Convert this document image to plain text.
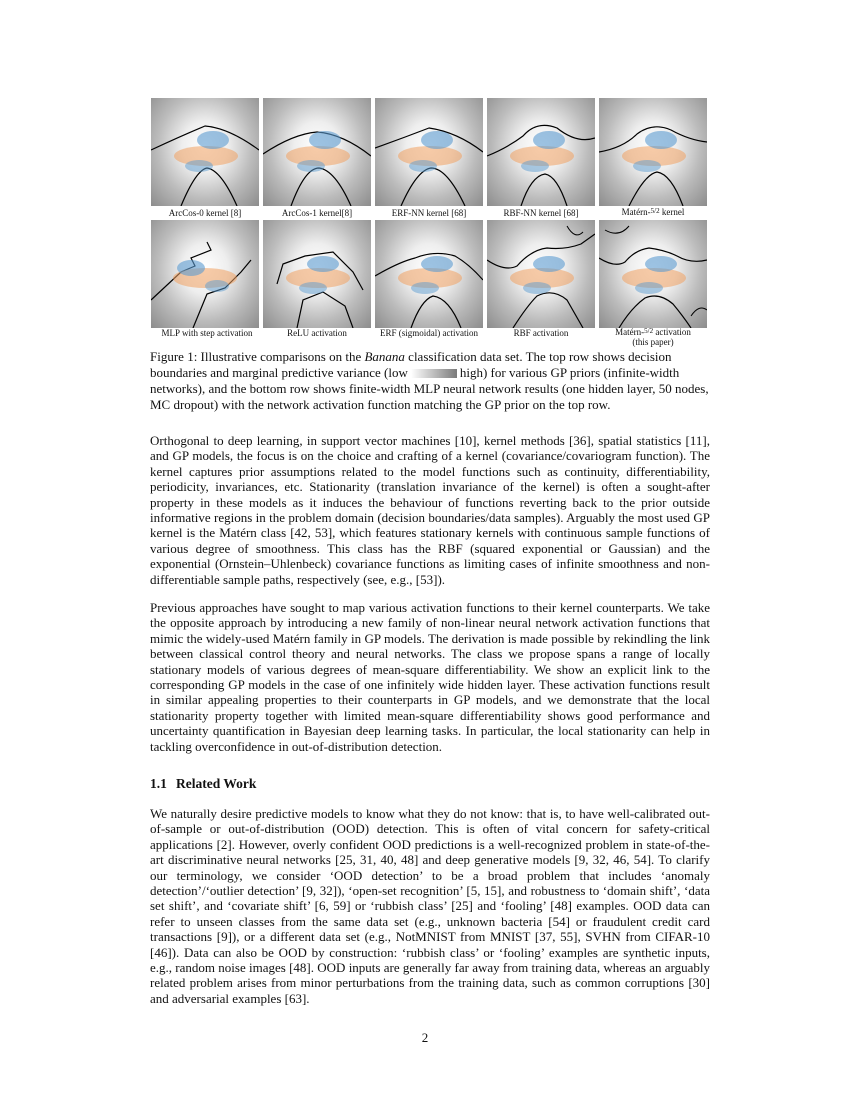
ArcCos-0 kernel [8]	ArcCos-1 kernel[8]	ERF-NN kernel [68]	RBF-NN kernel [68]	Matérn-5/2 kernel
MLP with step activation	ReLU activation	ERF (sigmoidal) activation	RBF activation	Matérn-5/2 activation
(this paper)
Figure 1: Illustrative comparisons on the Banana classification data set. The top row shows decision boundaries and marginal predictive variance (low	high) for various GP priors (infinite-width networks), and the bottom row shows finite-width MLP neural network results (one hidden layer, 50 nodes, MC dropout) with the network activation function matching the GP prior on the top row.
Orthogonal to deep learning, in support vector machines [10], kernel methods [36], spatial statistics [11], and GP models, the focus is on the choice and crafting of a kernel (covariance/covariogram function). The kernel captures prior assumptions related to the model functions such as continuity, differentiability, periodicity, invariances, etc. Stationarity (translation invariance of the kernel) is often a sought-after property in these models as it induces the behaviour of functions reverting back to the prior outside informative regions in the problem domain (decision boundaries/data samples). Arguably the most used GP kernel is the Matérn class [42, 53], which features stationary kernels with continuous sample functions of various degree of smoothness. This class has the RBF (squared exponential or Gaussian) and the exponential (Ornstein–Uhlenbeck) covariance functions as limiting cases of infinite smoothness and non-differentiable sample paths, respectively (see, e.g., [53]).
Previous approaches have sought to map various activation functions to their kernel counterparts. We take the opposite approach by introducing a new family of non-linear neural network activation functions that mimic the widely-used Matérn family in GP models. The derivation is made possible by rekindling the link between classical control theory and neural networks. The class we propose spans a range of locally stationary models of various degrees of mean-square differentiability. We show an explicit link to the corresponding GP models in the case of one infinitely wide hidden layer. These activation functions result in similar appealing properties to their counterparts in GP models, and we demonstrate that the local stationarity property together with limited mean-square differentiability shows good performance and uncertainty quantification in Bayesian deep learning tasks. In particular, the local stationarity can help in tackling overconfidence in out-of-distribution detection.
1.1 Related Work
We naturally desire predictive models to know what they do not know: that is, to have well-calibrated out-of-sample or out-of-distribution (OOD) detection. This is often of vital concern for safety-critical applications [2]. However, overly confident OOD predictions is a well-recognized problem in state-of-the-art discriminative neural networks [25, 31, 40, 48] and deep generative models [9, 32, 46, 54]. To clarify our terminology, we consider ‘OOD detection’ to be a broad problem that includes ‘anomaly detection’/‘outlier detection’ [9, 32]), ‘open-set recognition’ [5, 15], and robustness to ‘domain shift’, ‘data set shift’, and ‘covariate shift’ [6, 59] or ‘rubbish class’ [25] and ‘fooling’ [48] examples. OOD data can refer to unseen classes from the same data set (e.g., unknown bacteria [54] or fraudulent credit card transactions [9]), or a different data set (e.g., NotMNIST from MNIST [37, 55], SVHN from CIFAR-10 [46]). Data can also be OOD by construction: ‘rubbish class’ or ‘fooling’ examples are synthetic inputs, e.g., random noise images [48]. OOD inputs are generally far away from training data, whereas an arguably related problem arises from minor perturbations from the training data, such as common corruptions [30] and adversarial examples [63].
2
